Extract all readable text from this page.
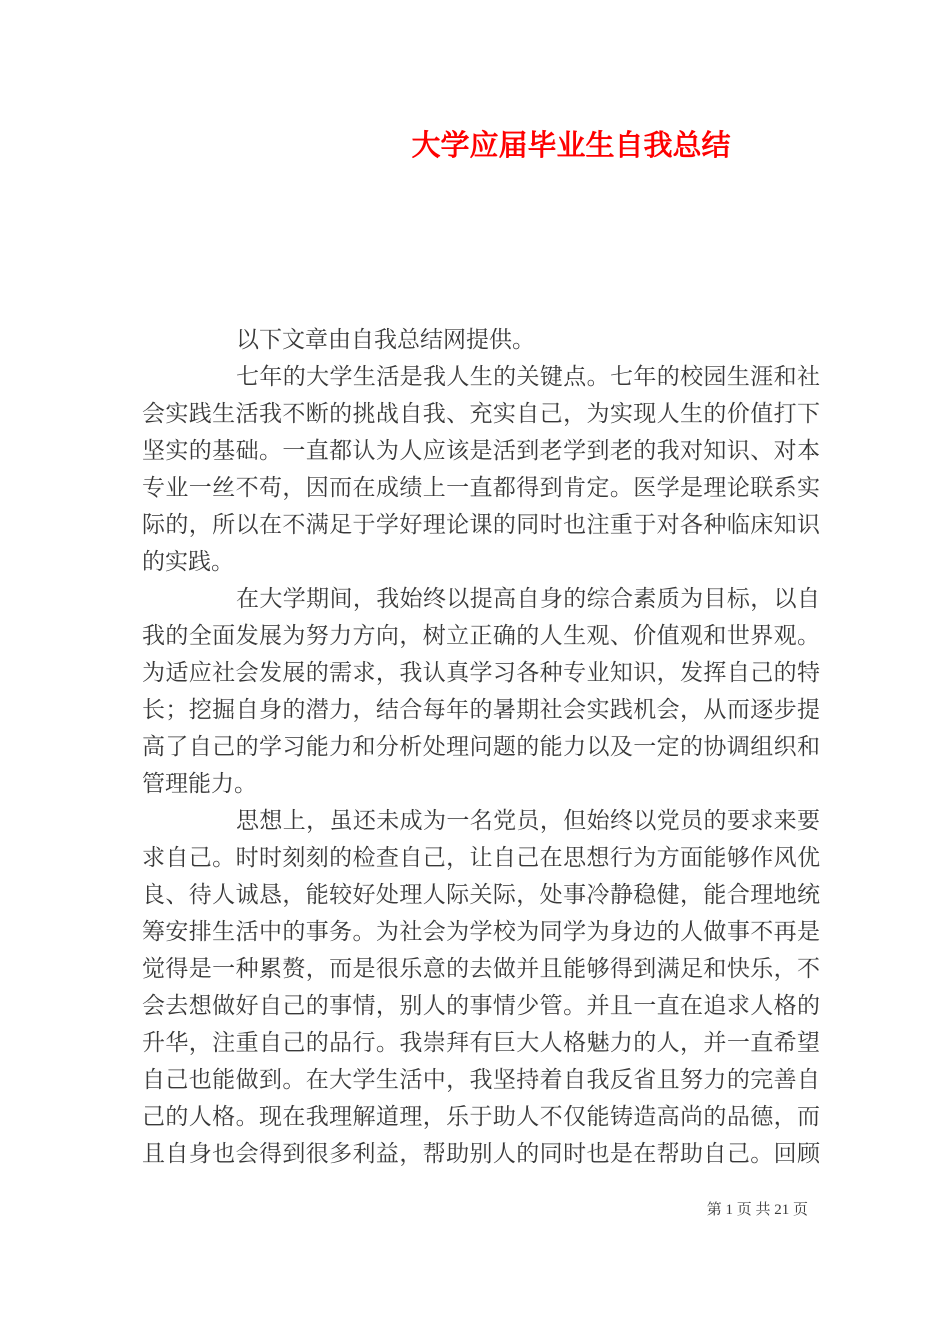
大学应届毕业生自我总结
以下文章由自我总结网提供。
七年的大学生活是我人生的关键点。七年的校园生涯和社
会实践生活我不断的挑战自我、充实自己，为实现人生的价值打下
坚实的基础。一直都认为人应该是活到老学到老的我对知识、对本
专业一丝不苟，因而在成绩上一直都得到肯定。医学是理论联系实
际的，所以在不满足于学好理论课的同时也注重于对各种临床知识
的实践。
在大学期间，我始终以提高自身的综合素质为目标，以自
我的全面发展为努力方向，树立正确的人生观、价值观和世界观。
为适应社会发展的需求，我认真学习各种专业知识，发挥自己的特
长；挖掘自身的潜力，结合每年的暑期社会实践机会，从而逐步提
高了自己的学习能力和分析处理问题的能力以及一定的协调组织和
管理能力。
思想上，虽还未成为一名党员，但始终以党员的要求来要
求自己。时时刻刻的检查自己，让自己在思想行为方面能够作风优
良、待人诚恳，能较好处理人际关际，处事冷静稳健，能合理地统
筹安排生活中的事务。为社会为学校为同学为身边的人做事不再是
觉得是一种累赘，而是很乐意的去做并且能够得到满足和快乐，不
会去想做好自己的事情，别人的事情少管。并且一直在追求人格的
升华，注重自己的品行。我崇拜有巨大人格魅力的人，并一直希望
自己也能做到。在大学生活中，我坚持着自我反省且努力的完善自
己的人格。现在我理解道理，乐于助人不仅能铸造高尚的品德，而
且自身也会得到很多利益，帮助别人的同时也是在帮助自己。回顾
第 1 页 共 21 页
